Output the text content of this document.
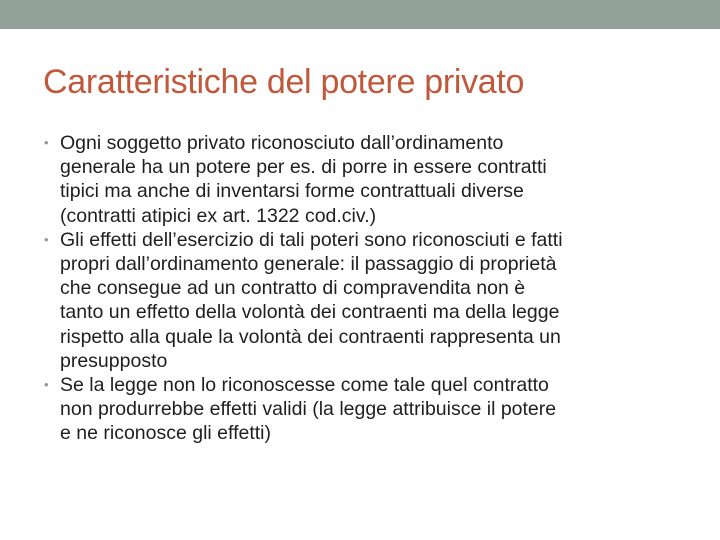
Caratteristiche del potere privato
• Ogni soggetto privato riconosciuto dall’ordinamento
generale ha un potere per es. di porre in essere contratti
tipici ma anche di inventarsi forme contrattuali diverse
(contratti atipici ex art. 1322 cod.civ.)
• Gli effetti dell’esercizio di tali poteri sono riconosciuti e fatti
propri dall’ordinamento generale: il passaggio di proprietà
che consegue ad un contratto di compravendita non è
tanto un effetto della volontà dei contraenti ma della legge
rispetto alla quale la volontà dei contraenti rappresenta un
presupposto
• Se la legge non lo riconoscesse come tale quel contratto
non produrrebbe effetti validi (la legge attribuisce il potere
e ne riconosce gli effetti)
